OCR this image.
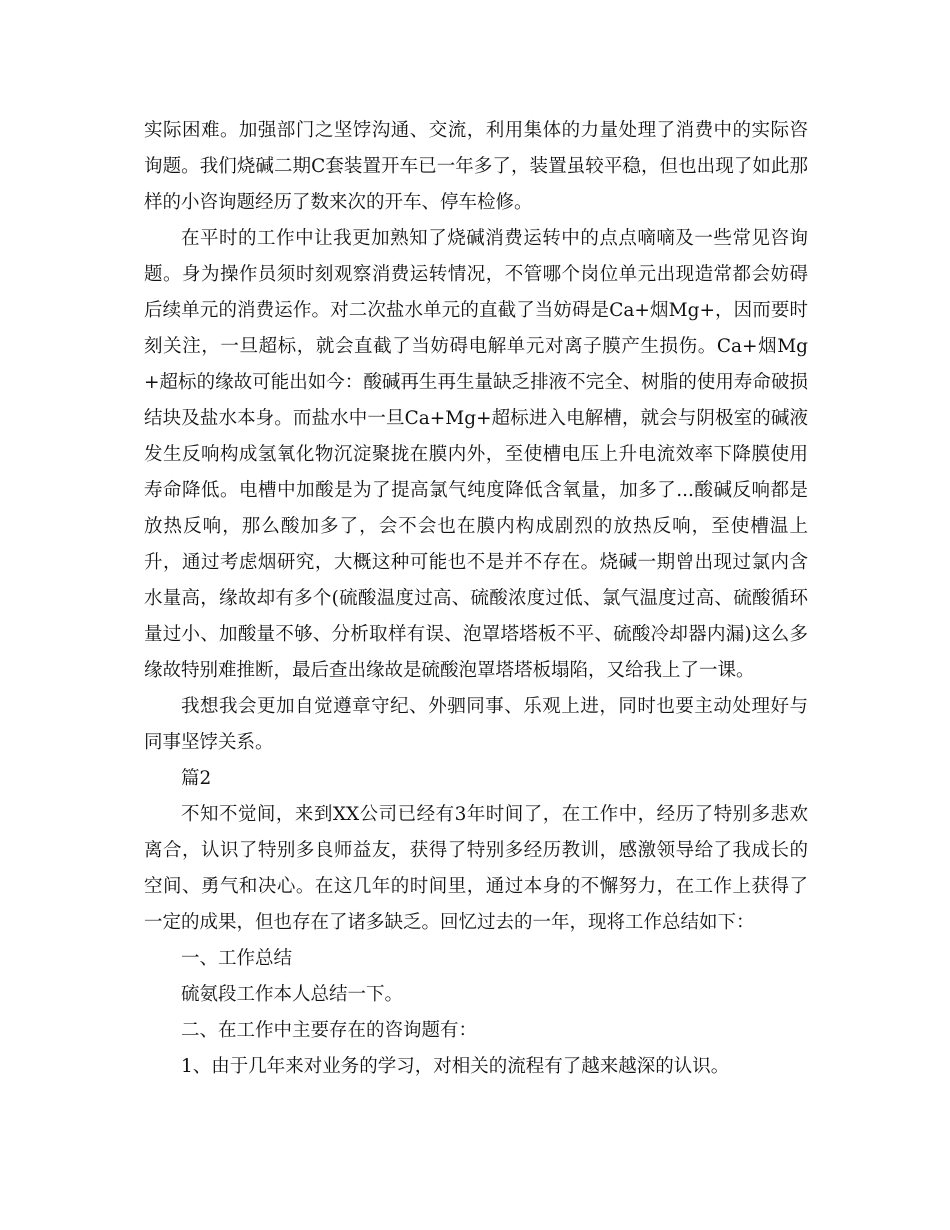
实际困难。加强部门之坚饽沟通、交流，利用集体的力量处理了消费中的实际咨询题。我们烧碱二期C套装置开车已一年多了，装置虽较平稳，但也出现了如此那样的小咨询题经历了数来次的开车、停车检修。

在平时的工作中让我更加熟知了烧碱消费运转中的点点嘀嘀及一些常见咨询题。身为操作员须时刻观察消费运转情况，不管哪个岗位单元出现造常都会妨碍后续单元的消费运作。对二次盐水单元的直截了当妨碍是Ca+烟Mg+，因而要时刻关注，一旦超标，就会直截了当妨碍电解单元对离子膜产生损伤。Ca+烟Mg+超标的缘故可能出如今：酸碱再生再生量缺乏排液不完全、树脂的使用寿命破损结块及盐水本身。而盐水中一旦Ca+Mg+超标进入电解槽，就会与阴极室的碱液发生反响构成氢氧化物沉淀聚拢在膜内外，至使槽电压上升电流效率下降膜使用寿命降低。电槽中加酸是为了提高氯气纯度降低含氧量，加多了...酸碱反响都是放热反响，那么酸加多了，会不会也在膜内构成剧烈的放热反响，至使槽温上升，通过考虑烟研究，大概这种可能也不是并不存在。烧碱一期曾出现过氯内含水量高，缘故却有多个(硫酸温度过高、硫酸浓度过低、氯气温度过高、硫酸循环量过小、加酸量不够、分析取样有误、泡罩塔塔板不平、硫酸冷却器内漏)这么多缘故特别难推断，最后查出缘故是硫酸泡罩塔塔板塌陷，又给我上了一课。

我想我会更加自觉遵章守纪、外驷同事、乐观上进，同时也要主动处理好与同事坚饽关系。

篇2

不知不觉间，来到XX公司已经有3年时间了，在工作中，经历了特别多悲欢离合，认识了特别多良师益友，获得了特别多经历教训，感激领导给了我成长的空间、勇气和决心。在这几年的时间里，通过本身的不懈努力，在工作上获得了一定的成果，但也存在了诸多缺乏。回忆过去的一年，现将工作总结如下：

一、工作总结

硫氨段工作本人总结一下。

二、在工作中主要存在的咨询题有：

1、由于几年来对业务的学习，对相关的流程有了越来越深的认识。
